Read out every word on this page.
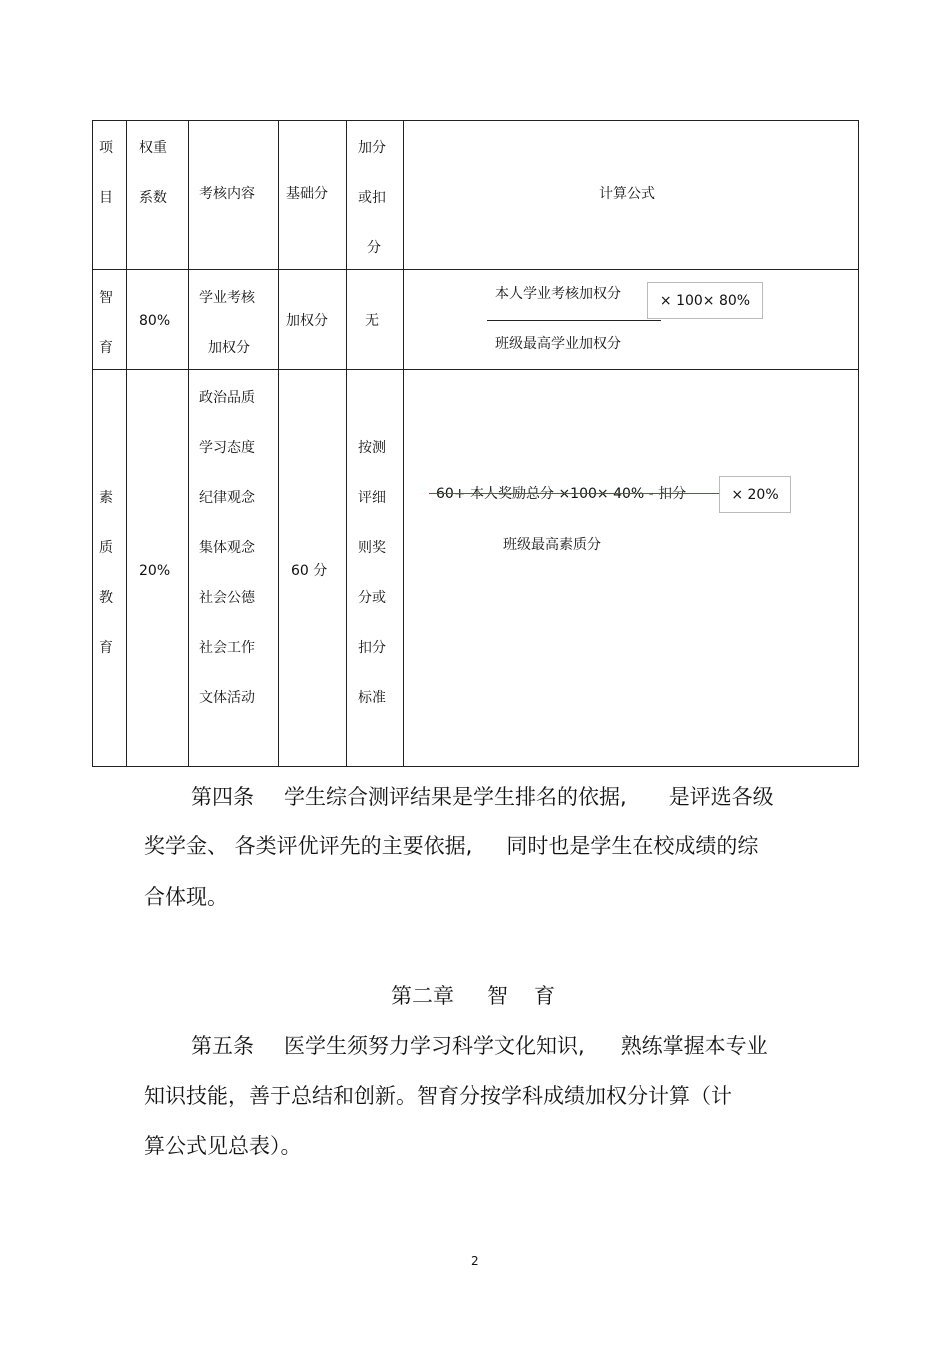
项
目
权重
系数 考核内容 基础分
加分
或扣
分
计算公式
智
育
80%
学业考核
加权分
加权分	无
本人学业考核加权分
班级最高学业加权分
× 100× 80%
素
质
教
育
20%
政治品质
学习态度
纪律观念
集体观念
社会公德
社会工作
文体活动
60 分
按测
评细
则奖
分或
扣分
标准
60+ 本人奖励总分 ×100× 40% - 扣分
班级最高素质分
× 20%
第四条 学生综合测评结果是学生排名的依据, 是评选各级
奖学金、 各类评优评先的主要依据, 同时也是学生在校成绩的综
合体现。
第二章 智 育
第五条 医学生须努力学习科学文化知识, 熟练掌握本专业
知识技能，善于总结和创新。智育分按学科成绩加权分计算（计
算公式见总表）。
2
